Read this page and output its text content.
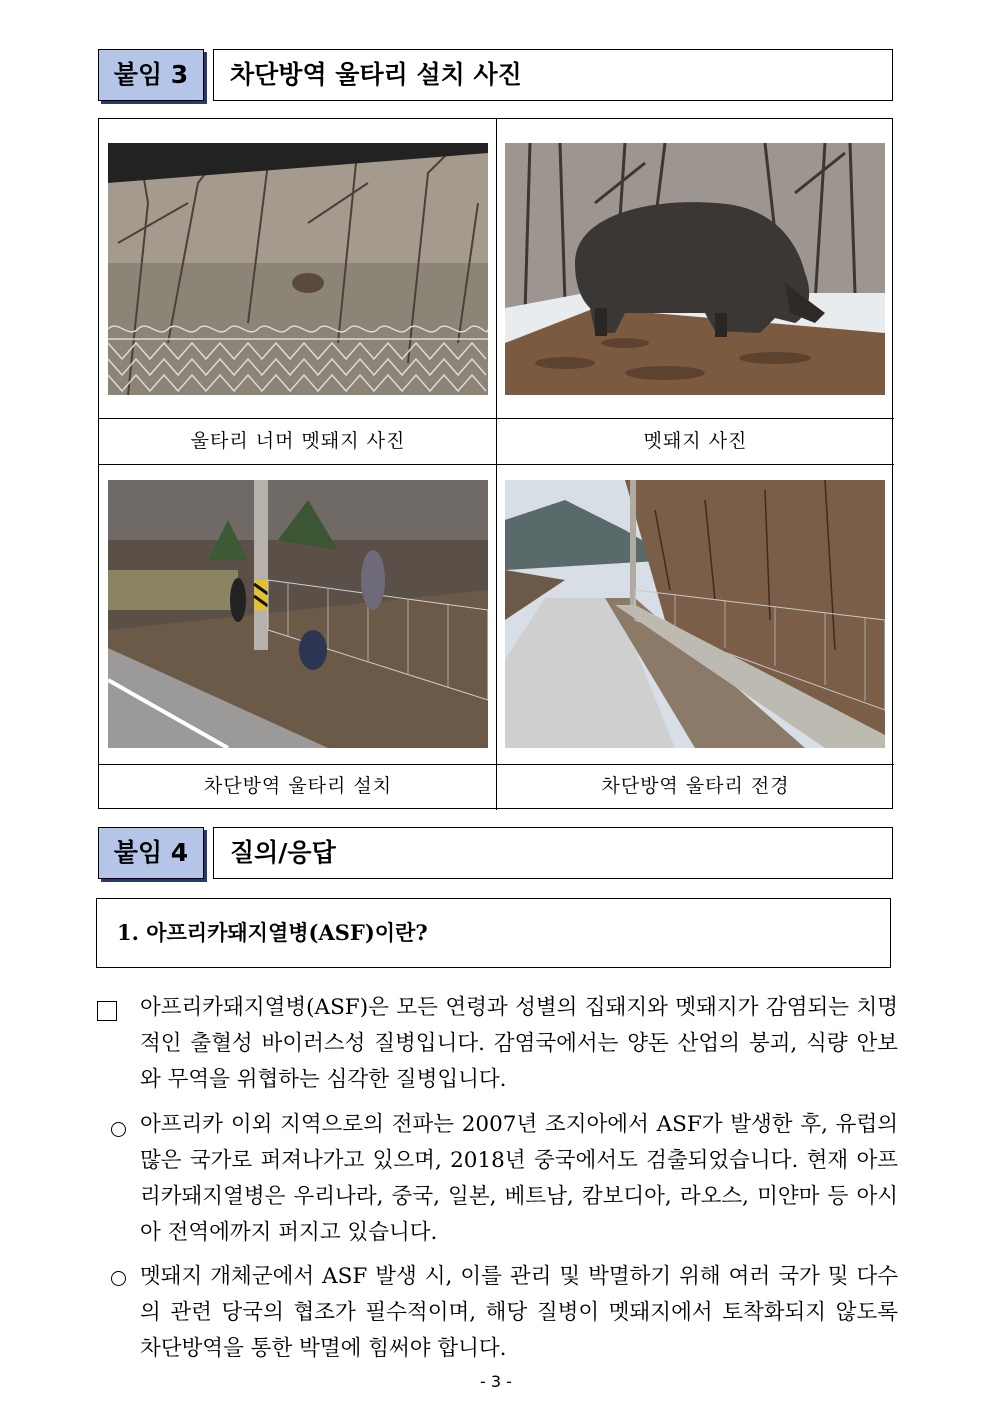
붙임 3	차단방역 울타리 설치 사진
울타리 너머 멧돼지 사진	멧돼지 사진
차단방역 울타리 설치	차단방역 울타리 전경
붙임 4	질의/응답
1. 아프리카돼지열병(ASF)이란?
아프리카돼지열병(ASF)은 모든 연령과 성별의 집돼지와 멧돼지가 감염되는 치명적인 출혈성 바이러스성 질병입니다. 감염국에서는 양돈 산업의 붕괴, 식량 안보와 무역을 위협하는 심각한 질병입니다.
아프리카 이외 지역으로의 전파는 2007년 조지아에서 ASF가 발생한 후, 유럽의 많은 국가로 퍼져나가고 있으며, 2018년 중국에서도 검출되었습니다. 현재 아프리카돼지열병은 우리나라, 중국, 일본, 베트남, 캄보디아, 라오스, 미얀마 등 아시아 전역에까지 퍼지고 있습니다.
멧돼지 개체군에서 ASF 발생 시, 이를 관리 및 박멸하기 위해 여러 국가 및 다수의 관련 당국의 협조가 필수적이며, 해당 질병이 멧돼지에서 토착화되지 않도록 차단방역을 통한 박멸에 힘써야 합니다.
- 3 -
